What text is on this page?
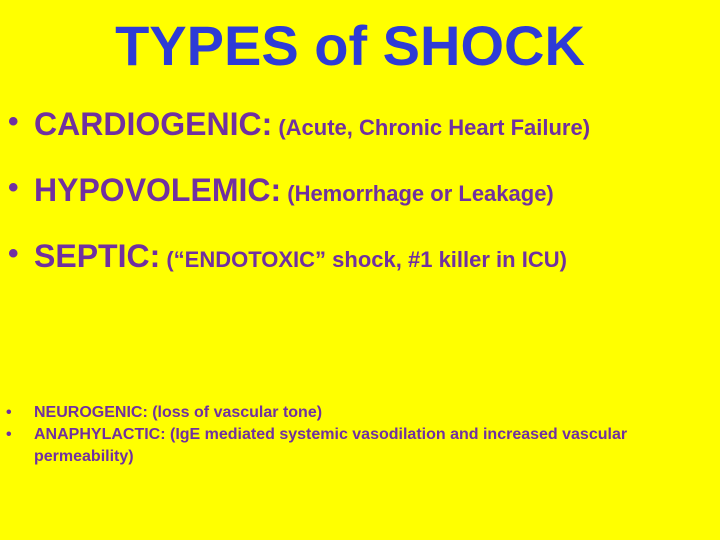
TYPES of SHOCK
• CARDIOGENIC: (Acute, Chronic Heart Failure)
• HYPOVOLEMIC: (Hemorrhage or Leakage)
• SEPTIC: (“ENDOTOXIC” shock, #1 killer in ICU)
• NEUROGENIC: (loss of vascular tone)
• ANAPHYLACTIC: (IgE mediated systemic vasodilation and increased vascular permeability)
